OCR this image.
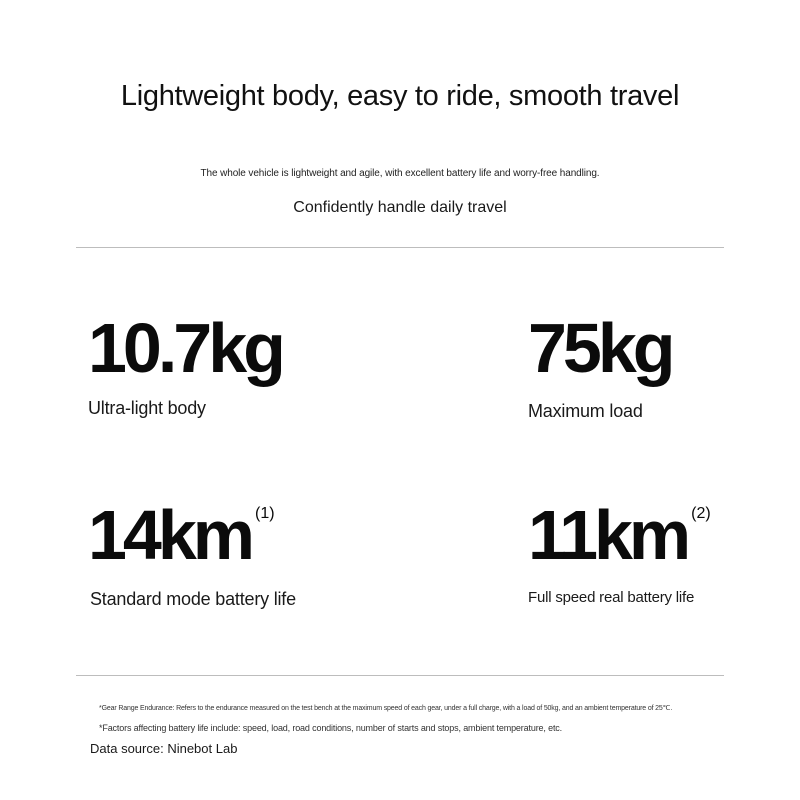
Lightweight body, easy to ride, smooth travel
The whole vehicle is lightweight and agile, with excellent battery life and worry-free handling.
Confidently handle daily travel
10.7kg
Ultra-light body
75kg
Maximum load
14km $^{(1)}$
Standard mode battery life
11km $^{(2)}$
Full speed real battery life
*Gear Range Endurance: Refers to the endurance measured on the test bench at the maximum speed of each gear, under a full charge, with a load of 50kg, and an ambient temperature of 25℃.
*Factors affecting battery life include: speed, load, road conditions, number of starts and stops, ambient temperature, etc.
Data source: Ninebot Lab
